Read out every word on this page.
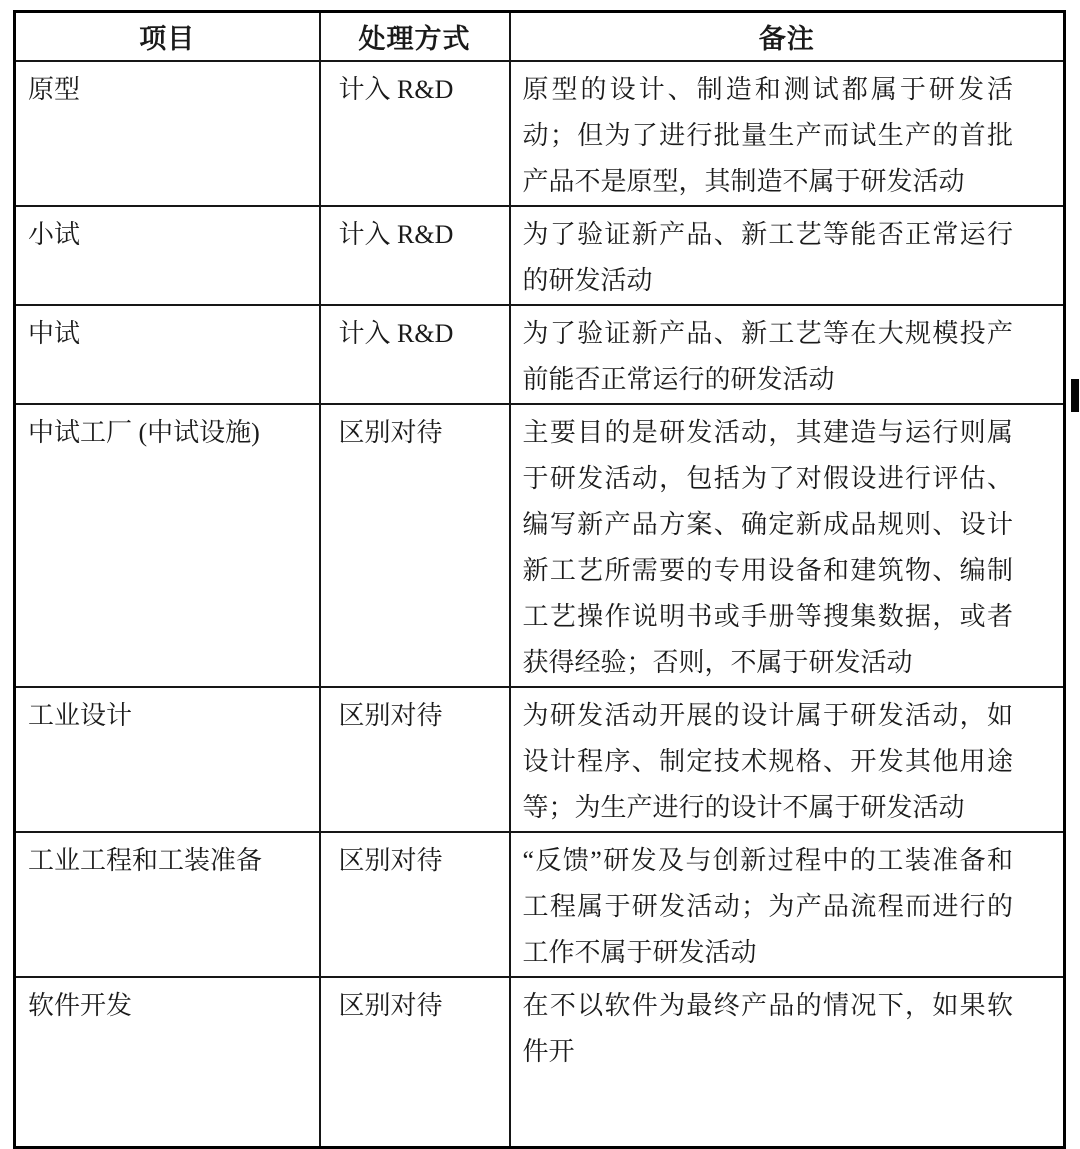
项目	处理方式	备注
原型	计入 R&D	原型的设计、制造和测试都属于研发活动；但为了进行批量生产而试生产的首批产品不是原型，其制造不属于研发活动
小试	计入 R&D	为了验证新产品、新工艺等能否正常运行的研发活动
中试	计入 R&D	为了验证新产品、新工艺等在大规模投产前能否正常运行的研发活动
中试工厂 (中试设施)	区别对待	主要目的是研发活动，其建造与运行则属于研发活动，包括为了对假设进行评估、编写新产品方案、确定新成品规则、设计新工艺所需要的专用设备和建筑物、编制工艺操作说明书或手册等搜集数据，或者获得经验；否则，不属于研发活动
工业设计	区别对待	为研发活动开展的设计属于研发活动，如设计程序、制定技术规格、开发其他用途等；为生产进行的设计不属于研发活动
工业工程和工装准备	区别对待	“反馈”研发及与创新过程中的工装准备和工程属于研发活动；为产品流程而进行的工作不属于研发活动
软件开发	区别对待	在不以软件为最终产品的情况下，如果软件开
